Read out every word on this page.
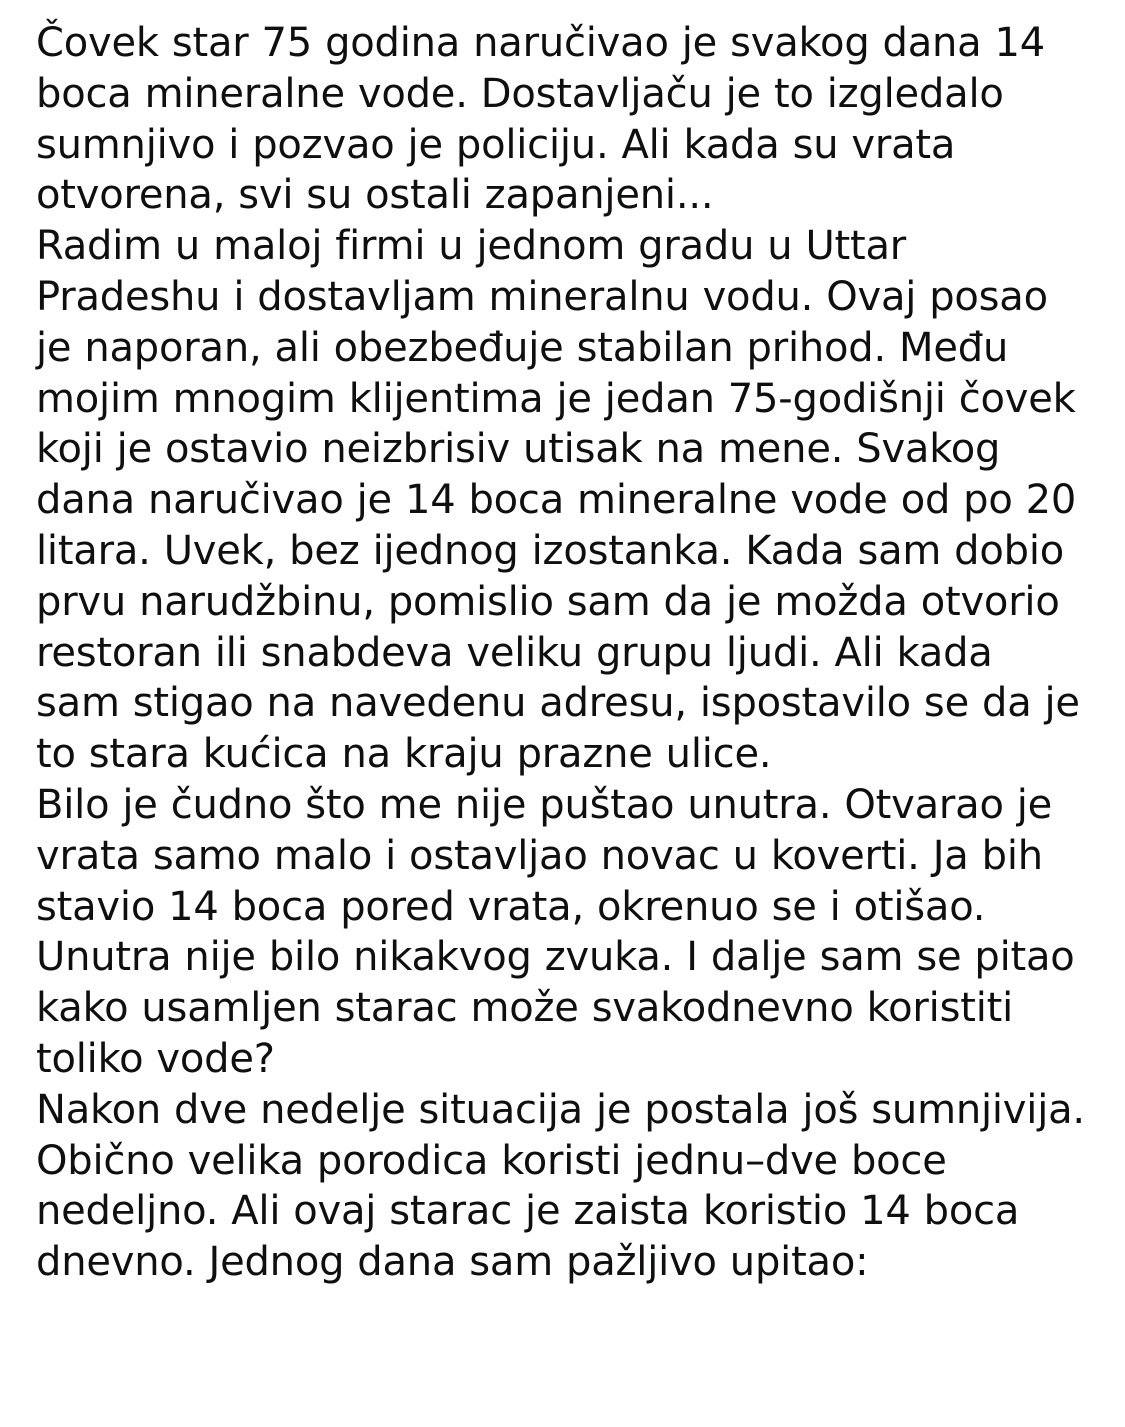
Čovek star 75 godina naručivao je svakog dana 14 boca mineralne vode. Dostavljaču je to izgledalo sumnjivo i pozvao je policiju. Ali kada su vrata otvorena, svi su ostali zapanjeni...

Radim u maloj firmi u jednom gradu u Uttar Pradeshu i dostavljam mineralnu vodu. Ovaj posao je naporan, ali obezbeđuje stabilan prihod. Među mojim mnogim klijentima je jedan 75-godišnji čovek koji je ostavio neizbrisiv utisak na mene. Svakog dana naručivao je 14 boca mineralne vode od po 20 litara. Uvek, bez ijednog izostanka. Kada sam dobio prvu narudžbinu, pomislio sam da je možda otvorio restoran ili snabdeva veliku grupu ljudi. Ali kada sam stigao na navedenu adresu, ispostavilo se da je to stara kućica na kraju prazne ulice.

Bilo je čudno što me nije puštao unutra. Otvarao je vrata samo malo i ostavljao novac u koverti. Ja bih stavio 14 boca pored vrata, okrenuo se i otišao. Unutra nije bilo nikakvog zvuka. I dalje sam se pitao kako usamljen starac može svakodnevno koristiti toliko vode?

Nakon dve nedelje situacija je postala još sumnjivija. Obično velika porodica koristi jednu–dve boce nedeljno. Ali ovaj starac je zaista koristio 14 boca dnevno. Jednog dana sam pažljivo upitao:
